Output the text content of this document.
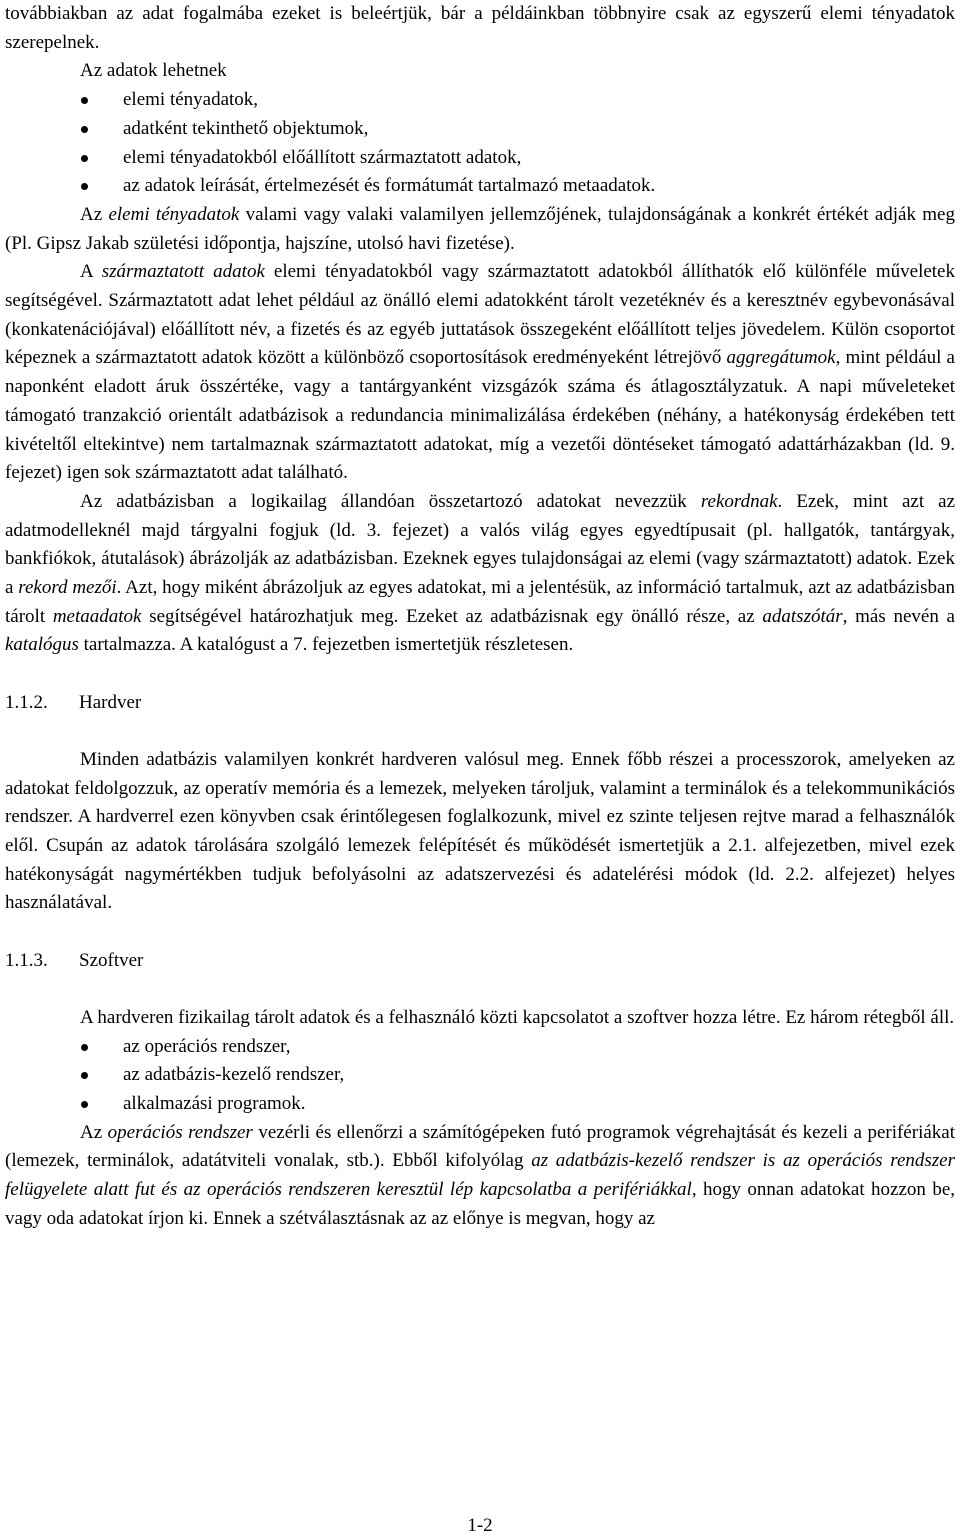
továbbiakban az adat fogalmába ezeket is beleértjük, bár a példáinkban többnyire csak az egyszerű elemi tényadatok szerepelnek.

Az adatok lehetnek

elemi tényadatok,
adatként tekinthető objektumok,
elemi tényadatokból előállított származtatott adatok,
az adatok leírását, értelmezését és formátumát tartalmazó metaadatok.

Az elemi tényadatok valami vagy valaki valamilyen jellemzőjének, tulajdonságának a konkrét értékét adják meg (Pl. Gipsz Jakab születési időpontja, hajszíne, utolsó havi fizetése).

A származtatott adatok elemi tényadatokból vagy származtatott adatokból állíthatók elő különféle műveletek segítségével. Származtatott adat lehet például az önálló elemi adatokként tárolt vezetéknév és a keresztnév egybevonásával (konkatenációjával) előállított név, a fizetés és az egyéb juttatások összegeként előállított teljes jövedelem. Külön csoportot képeznek a származtatott adatok között a különböző csoportosítások eredményeként létrejövő aggregátumok, mint például a naponként eladott áruk összértéke, vagy a tantárgyanként vizsgázók száma és átlagosztályzatuk. A napi műveleteket támogató tranzakció orientált adatbázisok a redundancia minimalizálása érdekében (néhány, a hatékonyság érdekében tett kivételtől eltekintve) nem tartalmaznak származtatott adatokat, míg a vezetői döntéseket támogató adattárházakban (ld. 9. fejezet) igen sok származtatott adat található.

Az adatbázisban a logikailag állandóan összetartozó adatokat nevezzük rekordnak. Ezek, mint azt az adatmodelleknél majd tárgyalni fogjuk (ld. 3. fejezet) a valós világ egyes egyedtípusait (pl. hallgatók, tantárgyak, bankfiókok, átutalások) ábrázolják az adatbázisban. Ezeknek egyes tulajdonságai az elemi (vagy származtatott) adatok. Ezek a rekord mezői. Azt, hogy miként ábrázoljuk az egyes adatokat, mi a jelentésük, az információ tartalmuk, azt az adatbázisban tárolt metaadatok segítségével határozhatjuk meg. Ezeket az adatbázisnak egy önálló része, az adatszótár, más nevén a katalógus tartalmazza. A katalógust a 7. fejezetben ismertetjük részletesen.

1.1.2. Hardver

Minden adatbázis valamilyen konkrét hardveren valósul meg. Ennek főbb részei a processzorok, amelyeken az adatokat feldolgozzuk, az operatív memória és a lemezek, melyeken tároljuk, valamint a terminálok és a telekommunikációs rendszer. A hardverrel ezen könyvben csak érintőlegesen foglalkozunk, mivel ez szinte teljesen rejtve marad a felhasználók elől. Csupán az adatok tárolására szolgáló lemezek felépítését és működését ismertetjük a 2.1. alfejezetben, mivel ezek hatékonyságát nagymértékben tudjuk befolyásolni az adatszervezési és adatelérési módok (ld. 2.2. alfejezet) helyes használatával.

1.1.3. Szoftver

A hardveren fizikailag tárolt adatok és a felhasználó közti kapcsolatot a szoftver hozza létre. Ez három rétegből áll.

az operációs rendszer,
az adatbázis-kezelő rendszer,
alkalmazási programok.

Az operációs rendszer vezérli és ellenőrzi a számítógépeken futó programok végrehajtását és kezeli a perifériákat (lemezek, terminálok, adatátviteli vonalak, stb.). Ebből kifolyólag az adatbázis-kezelő rendszer is az operációs rendszer felügyelete alatt fut és az operációs rendszeren keresztül lép kapcsolatba a perifériákkal, hogy onnan adatokat hozzon be, vagy oda adatokat írjon ki. Ennek a szétválasztásnak az az előnye is megvan, hogy az

1-2
